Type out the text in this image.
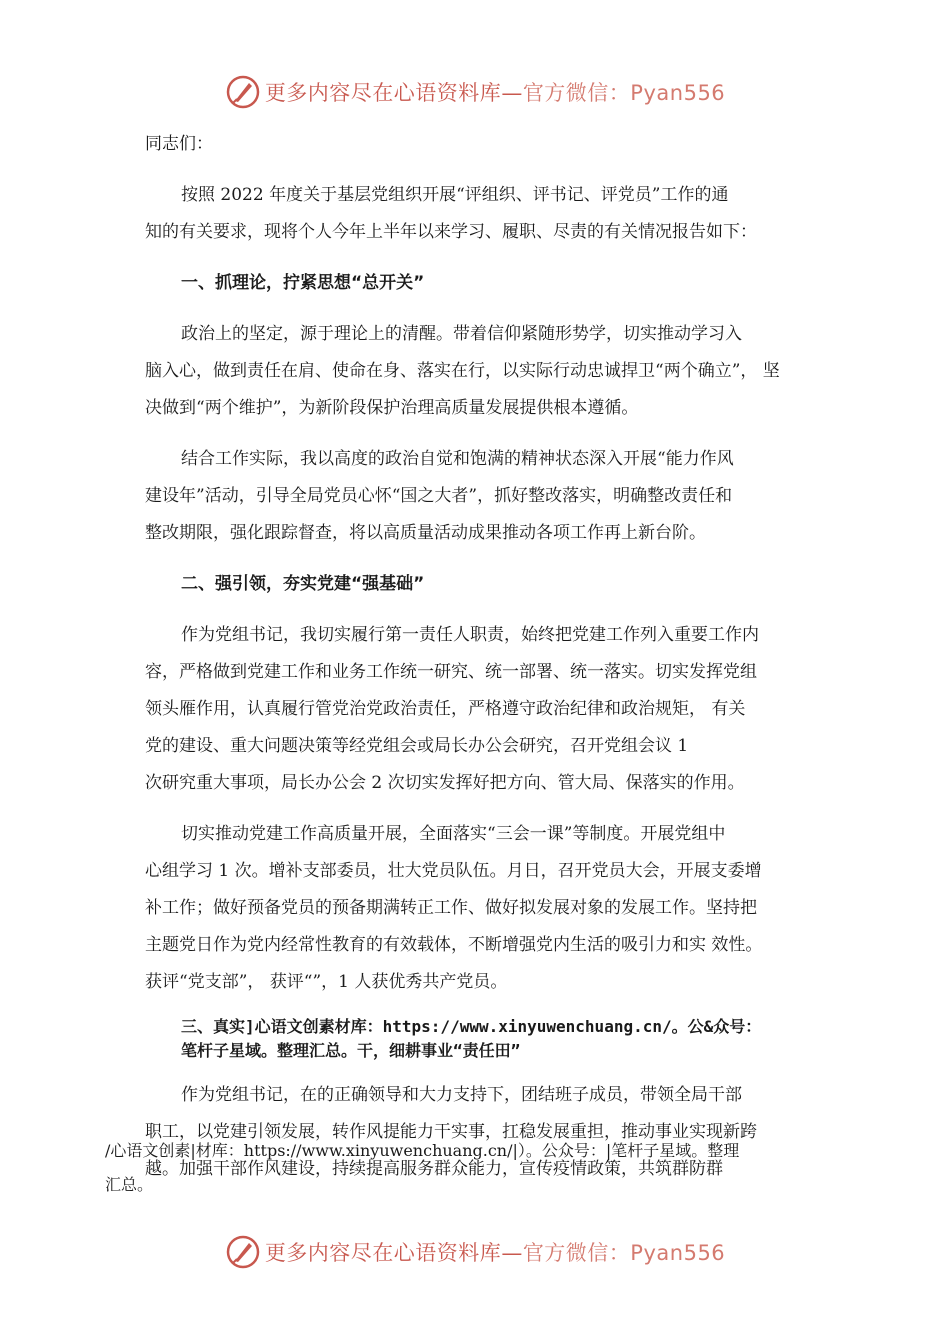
更多内容尽在心语资料库—官方微信：Pyan556

同志们：

按照 2022 年度关于基层党组织开展“评组织、评书记、评党员”工作的通

知的有关要求，现将个人今年上半年以来学习、履职、尽责的有关情况报告如下：

一、抓理论，拧紧思想“总开关”

政治上的坚定，源于理论上的清醒。带着信仰紧随形势学，切实推动学习入

脑入心，做到责任在肩、使命在身、落实在行，以实际行动忠诚捍卫“两个确立”， 坚

决做到“两个维护”，为新阶段保护治理高质量发展提供根本遵循。

结合工作实际，我以高度的政治自觉和饱满的精神状态深入开展“能力作风

建设年”活动，引导全局党员心怀“国之大者”，抓好整改落实，明确整改责任和

整改期限，强化跟踪督查，将以高质量活动成果推动各项工作再上新台阶。

二、强引领，夯实党建“强基础”

作为党组书记，我切实履行第一责任人职责，始终把党建工作列入重要工作内

容，严格做到党建工作和业务工作统一研究、统一部署、统一落实。切实发挥党组

领头雁作用，认真履行管党治党政治责任，严格遵守政治纪律和政治规矩， 有关

党的建设、重大问题决策等经党组会或局长办公会研究，召开党组会议 1

次研究重大事项，局长办公会 2 次切实发挥好把方向、管大局、保落实的作用。

切实推动党建工作高质量开展，全面落实“三会一课”等制度。开展党组中

心组学习 1 次。增补支部委员，壮大党员队伍。月日，召开党员大会，开展支委增

补工作；做好预备党员的预备期满转正工作、做好拟发展对象的发展工作。坚持把

主题党日作为党内经常性教育的有效载体，不断增强党内生活的吸引力和实 效性。

获评“党支部”， 获评“”，1 人获优秀共产党员。

三、真实]心语文创素材库：https://www.xinyuwenchuang.cn/。公&众号：
笔杆子星域。整理汇总。干，细耕事业“责任田”

作为党组书记，在的正确领导和大力支持下，团结班子成员，带领全局干部

职工，以党建引领发展，转作风提能力干实事，扛稳发展重担，推动事业实现新跨

越。加强干部作风建设，持续提高服务群众能力，宣传疫情政策，共筑群防群

/心语文创素|材库：https://www.xinyuwenchuang.cn/|）。公众号：|笔杆子星域。整理

汇总。

更多内容尽在心语资料库—官方微信：Pyan556
